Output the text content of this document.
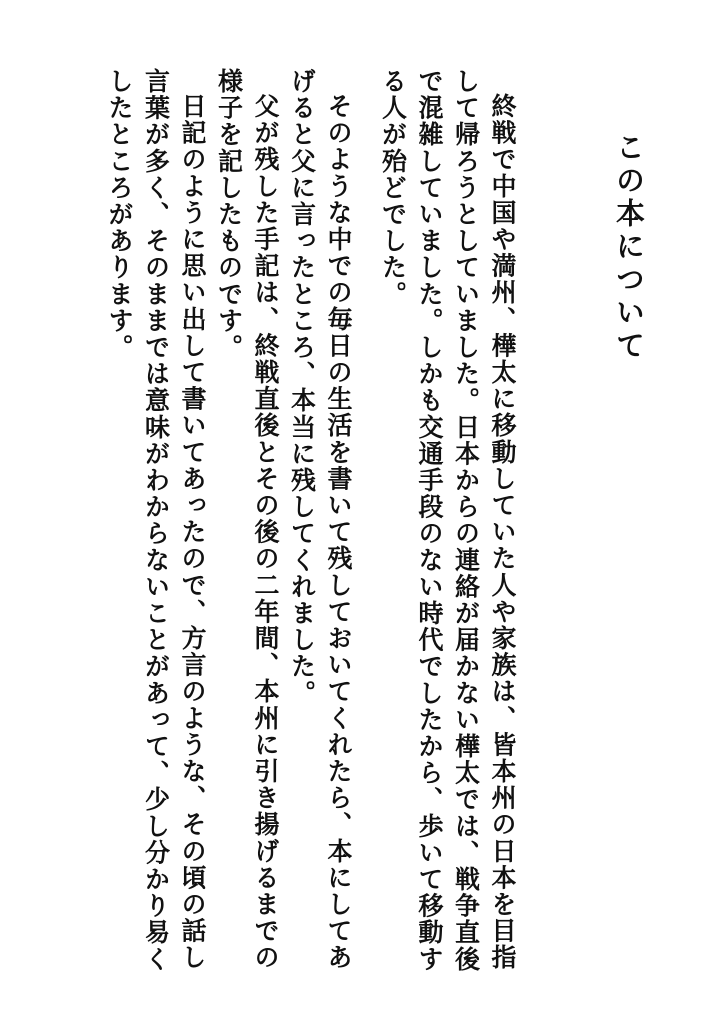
この本について

終戦で中国や満州、樺太に移動していた人や家族は、皆本州の日本を目指して帰ろうとしていました。日本からの連絡が届かない樺太では、戦争直後で混雑していました。しかも交通手段のない時代でしたから、歩いて移動する人が殆どでした。

そのような中での毎日の生活を書いて残しておいてくれたら、本にしてあげると父に言ったところ、本当に残してくれました。

父が残した手記は、終戦直後とその後の二年間、本州に引き揚げるまでの様子を記したものです。

日記のように思い出して書いてあったので、方言のような、その頃の話し言葉が多く、そのままでは意味がわからないことがあって、少し分かり易くしたところがあります。
